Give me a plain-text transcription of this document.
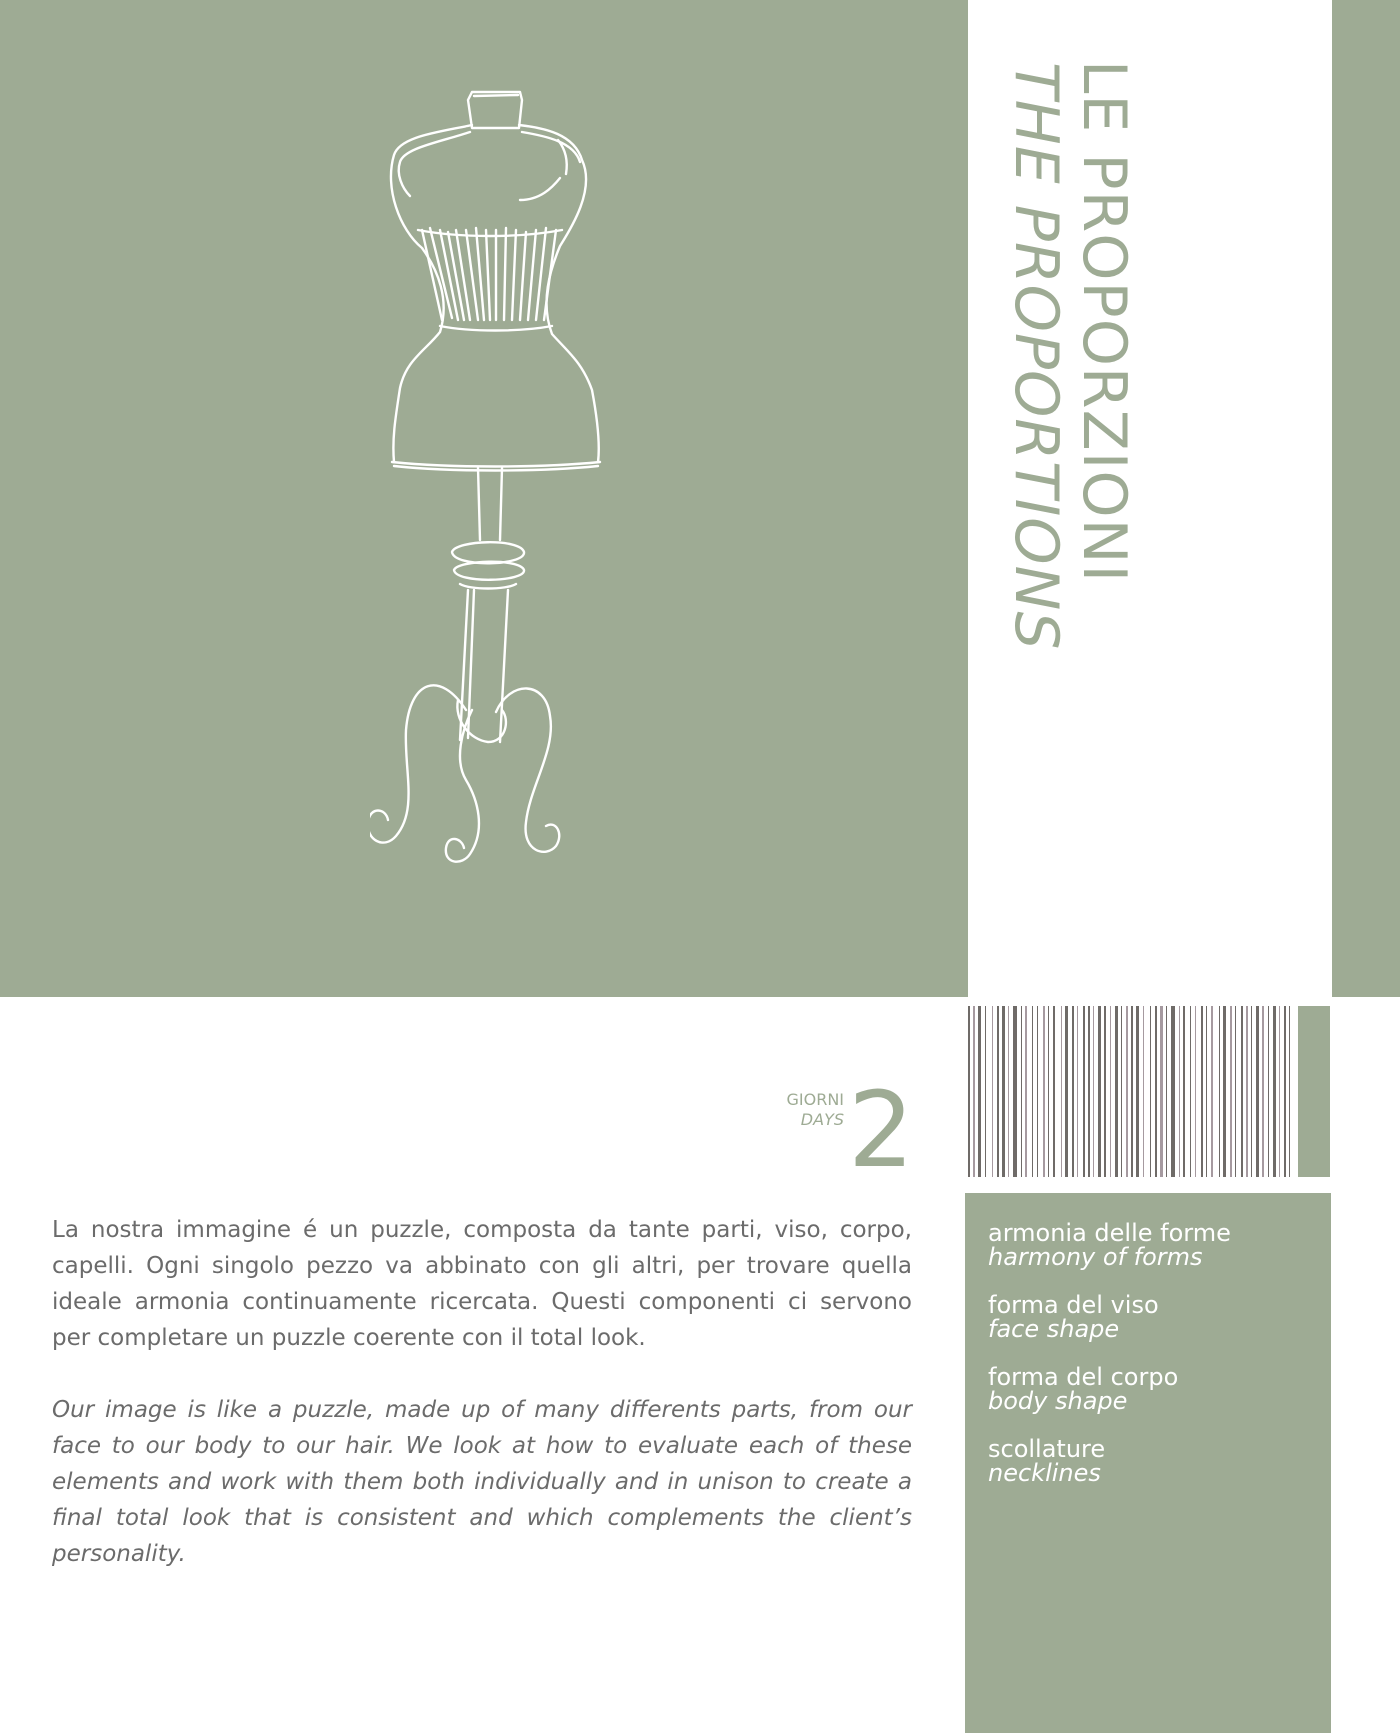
LE PROPORZIONI
THE PROPORTIONS
GIORNI
DAYS 2

La nostra immagine é un puzzle, composta da tante parti, viso, corpo, capelli. Ogni singolo pezzo va abbinato con gli altri, per trovare quella ideale armonia continuamente ricercata. Questi componenti ci servono per completare un puzzle coerente con il total look.

Our image is like a puzzle, made up of many differents parts, from our face to our body to our hair. We look at how to evaluate each of these elements and work with them both individually and in unison to create a final total look that is consistent and which complements the client’s personality.

armonia delle forme
harmony of forms
forma del viso
face shape
forma del corpo
body shape
scollature
necklines
